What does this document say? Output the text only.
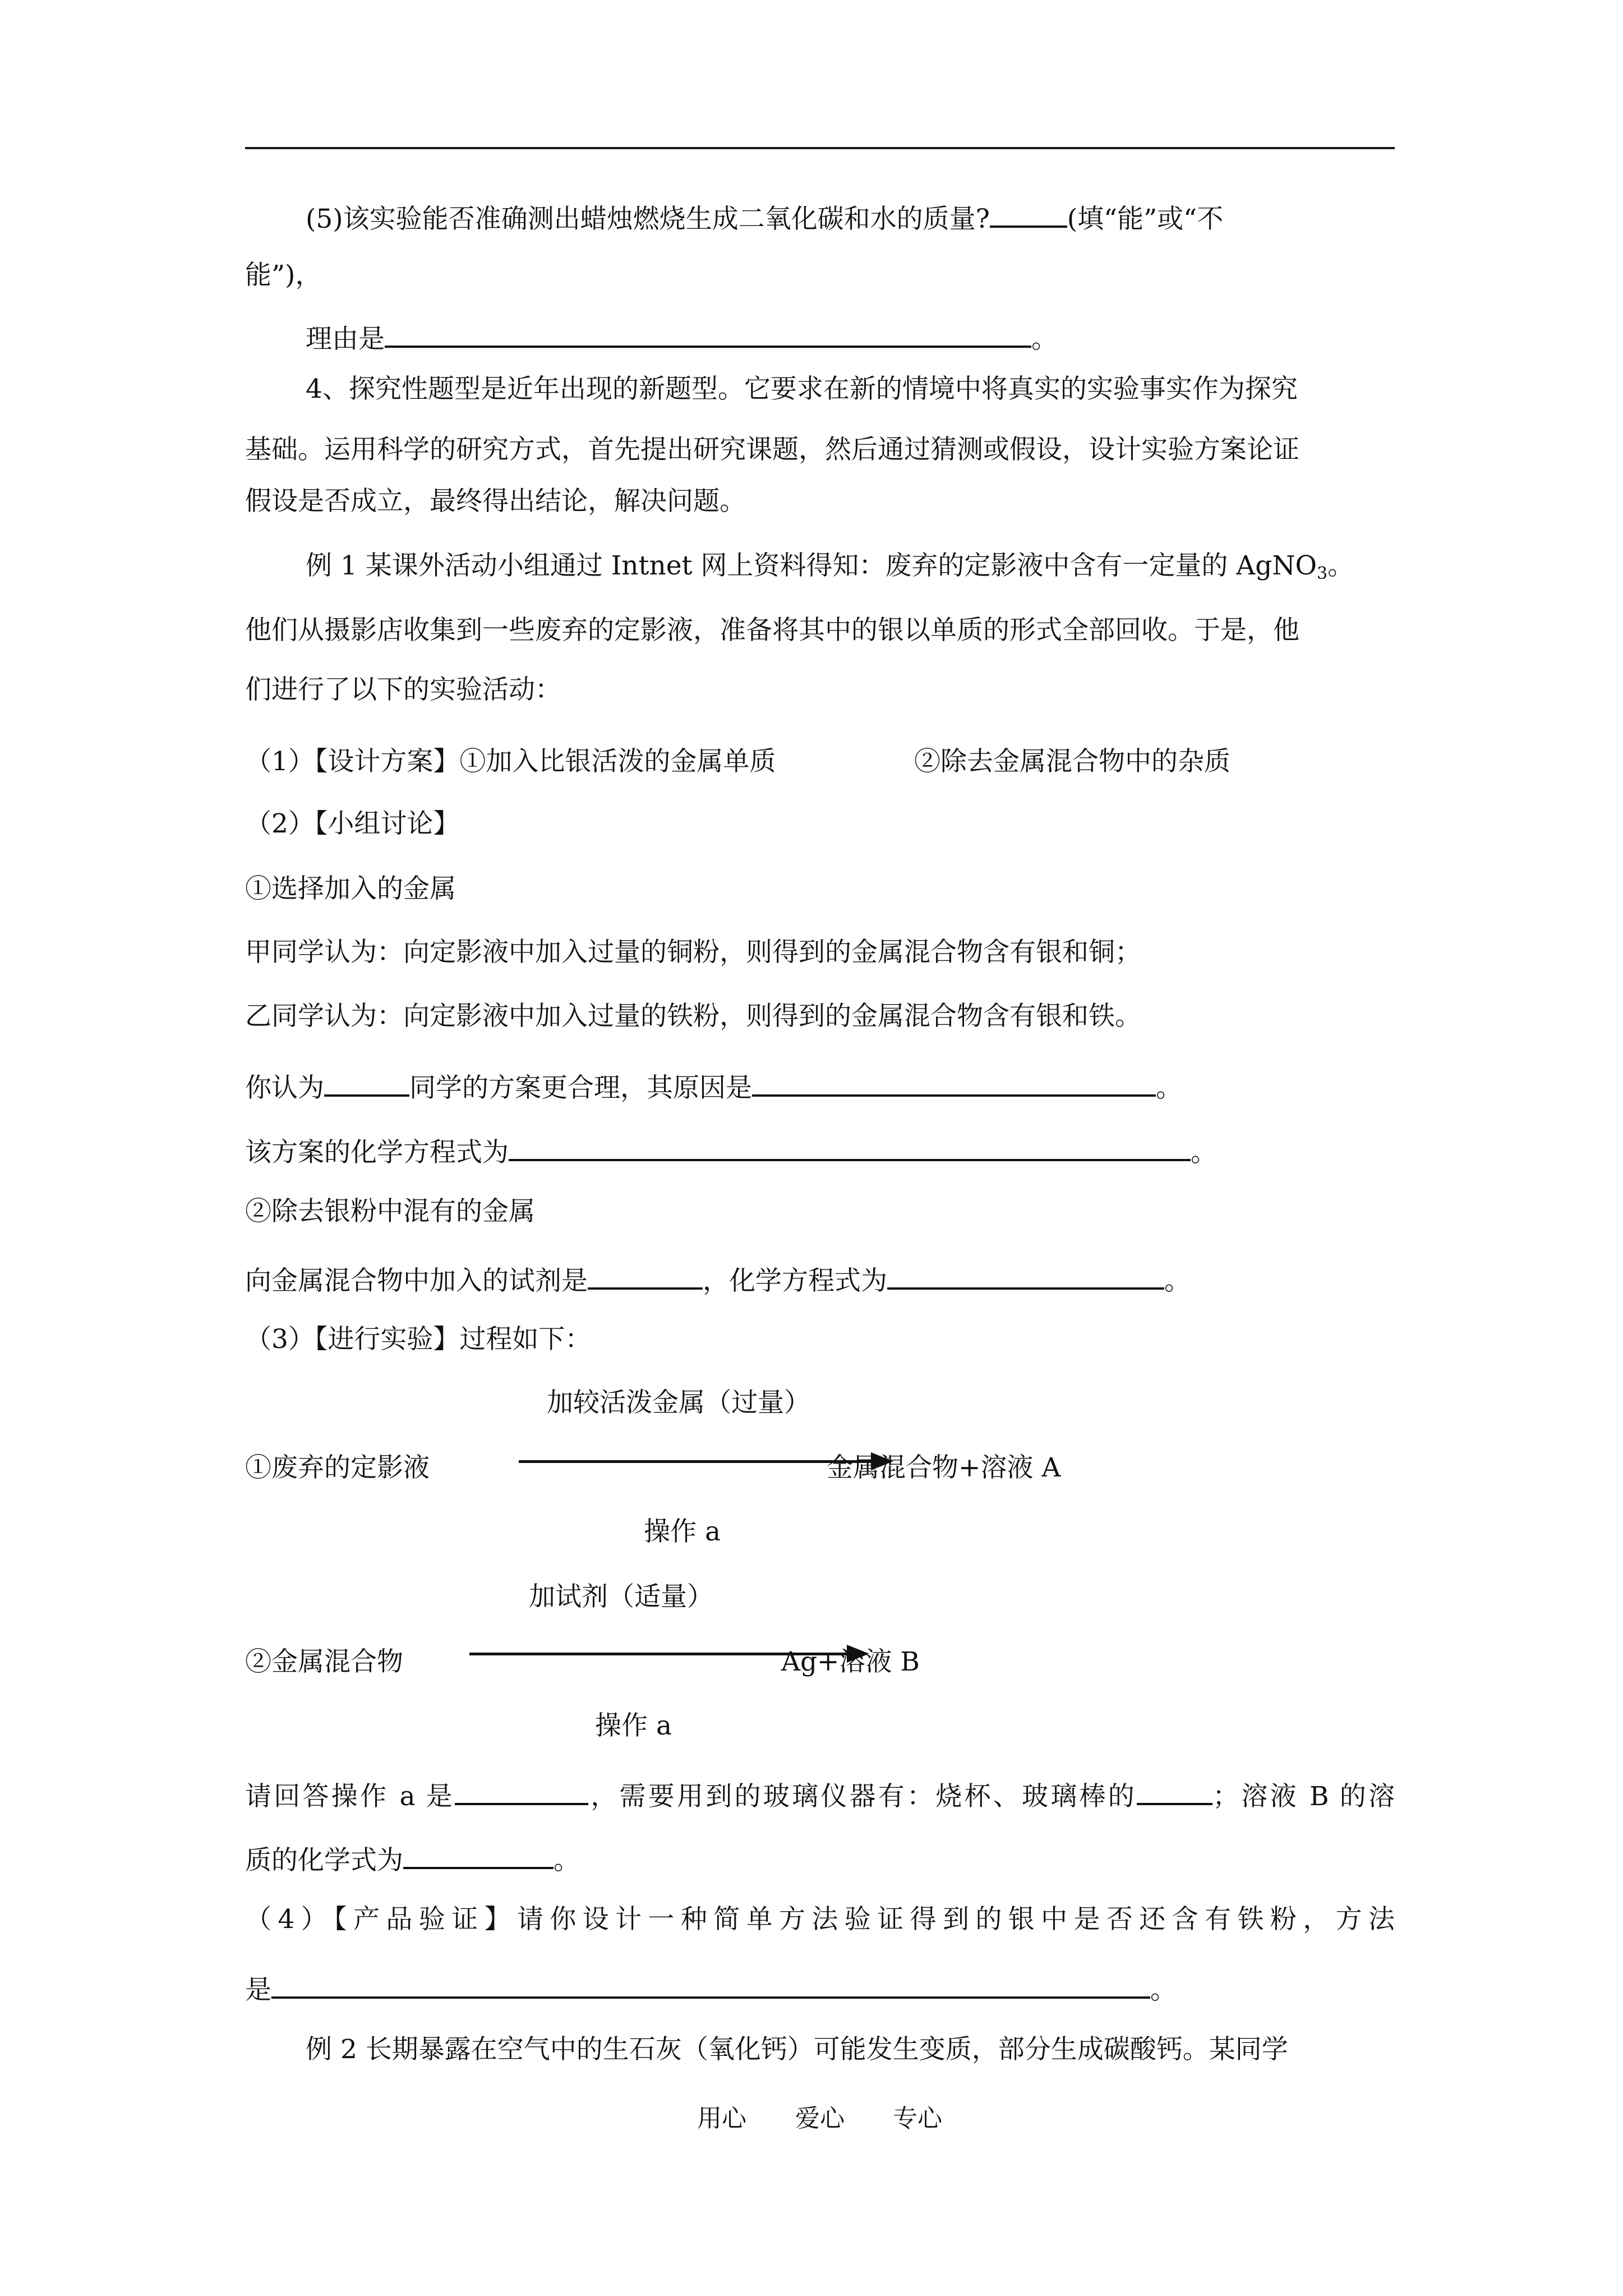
(5)该实验能否准确测出蜡烛燃烧生成二氧化碳和水的质量?	(填“能”或“不
能”)，
理由是	。
4、探究性题型是近年出现的新题型。它要求在新的情境中将真实的实验事实作为探究
基础。运用科学的研究方式，首先提出研究课题，然后通过猜测或假设，设计实验方案论证
假设是否成立，最终得出结论，解决问题。
例 1 某课外活动小组通过 Intnet 网上资料得知：废弃的定影液中含有一定量的 AgNO$_3$。
他们从摄影店收集到一些废弃的定影液，准备将其中的银以单质的形式全部回收。于是，他
们进行了以下的实验活动：
（1）【设计方案】①加入比银活泼的金属单质	②除去金属混合物中的杂质
（2）【小组讨论】
①选择加入的金属
甲同学认为：向定影液中加入过量的铜粉，则得到的金属混合物含有银和铜；
乙同学认为：向定影液中加入过量的铁粉，则得到的金属混合物含有银和铁。
你认为	同学的方案更合理，其原因是	。
该方案的化学方程式为	。
②除去银粉中混有的金属
向金属混合物中加入的试剂是	，化学方程式为	。
（3）【进行实验】过程如下：
加较活泼金属（过量）
①废弃的定影液	金属混合物+溶液 A
操作 a
加试剂（适量）
②金属混合物	Ag+溶液 B
操作 a
请回答操作 a 是	，需要用到的玻璃仪器有：烧杯、玻璃棒的	；溶液 B 的溶
质的化学式为	。
（4）【产品验证】请你设计一种简单方法验证得到的银中是否还含有铁粉，方法
是	。
例 2 长期暴露在空气中的生石灰（氧化钙）可能发生变质，部分生成碳酸钙。某同学
用心 爱心 专心
